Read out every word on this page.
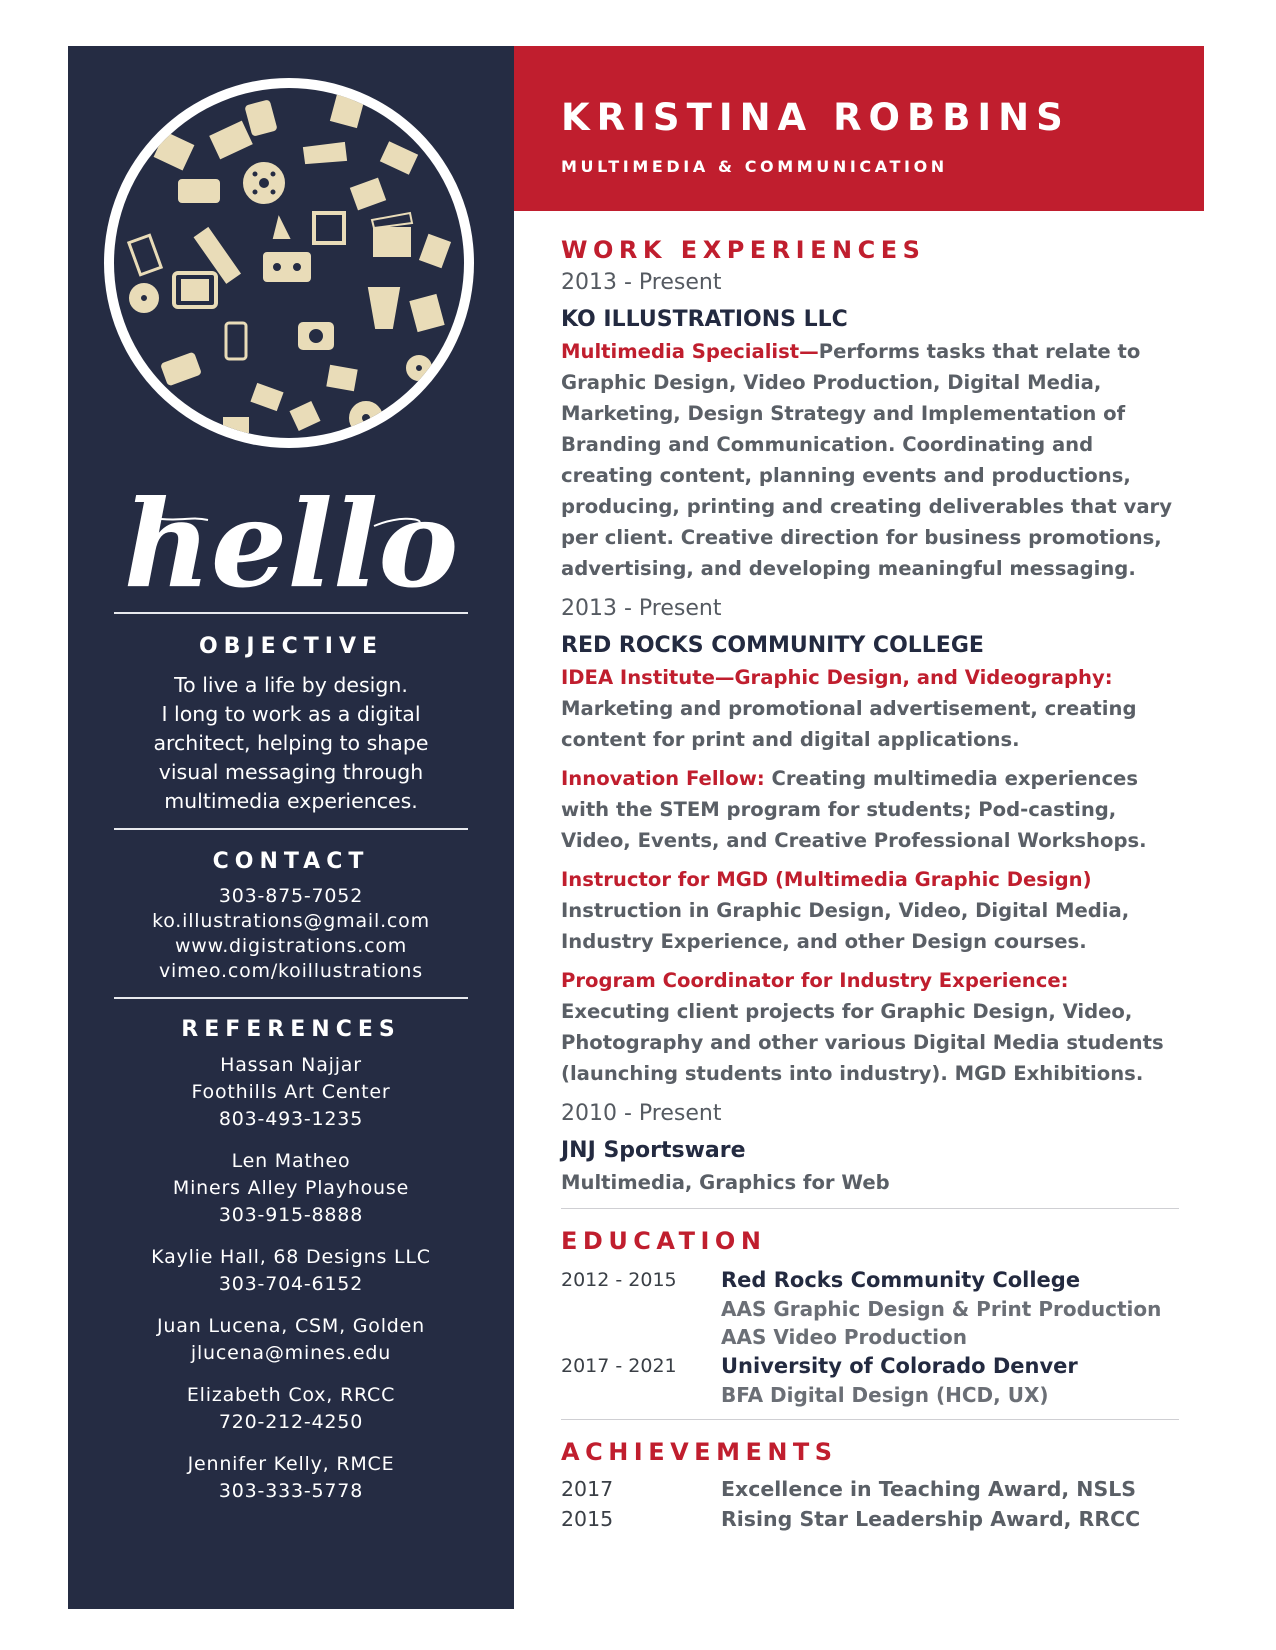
hello
OBJECTIVE
To live a life by design.
I long to work as a digital
architect, helping to shape
visual messaging through
multimedia experiences.
CONTACT
303-875-7052
ko.illustrations@gmail.com
www.digistrations.com
vimeo.com/koillustrations
REFERENCES
Hassan Najjar
Foothills Art Center
803-493-1235
Len Matheo
Miners Alley Playhouse
303-915-8888
Kaylie Hall, 68 Designs LLC
303-704-6152
Juan Lucena, CSM, Golden
jlucena@mines.edu
Elizabeth Cox, RRCC
720-212-4250
Jennifer Kelly, RMCE
303-333-5778
KRISTINA ROBBINS
MULTIMEDIA & COMMUNICATION
WORK EXPERIENCES
2013 - Present
KO ILLUSTRATIONS LLC
Multimedia Specialist—Performs tasks that relate to Graphic Design, Video Production, Digital Media, Marketing, Design Strategy and Implementation of Branding and Communication. Coordinating and creating content, planning events and productions, producing, printing and creating deliverables that vary per client. Creative direction for business promotions, advertising, and developing meaningful messaging.
2013 - Present
RED ROCKS COMMUNITY COLLEGE
IDEA Institute—Graphic Design, and Videography:
Marketing and promotional advertisement, creating content for print and digital applications.
Innovation Fellow: Creating multimedia experiences with the STEM program for students; Pod-casting, Video, Events, and Creative Professional Workshops.
Instructor for MGD (Multimedia Graphic Design)
Instruction in Graphic Design, Video, Digital Media, Industry Experience, and other Design courses.
Program Coordinator for Industry Experience:
Executing client projects for Graphic Design, Video, Photography and other various Digital Media students (launching students into industry). MGD Exhibitions.
2010 - Present
JNJ Sportsware
Multimedia, Graphics for Web
EDUCATION
2012 - 2015	Red Rocks Community College
AAS Graphic Design & Print Production
AAS Video Production
2017 - 2021	University of Colorado Denver
BFA Digital Design (HCD, UX)
ACHIEVEMENTS
2017	Excellence in Teaching Award, NSLS
2015	Rising Star Leadership Award, RRCC
